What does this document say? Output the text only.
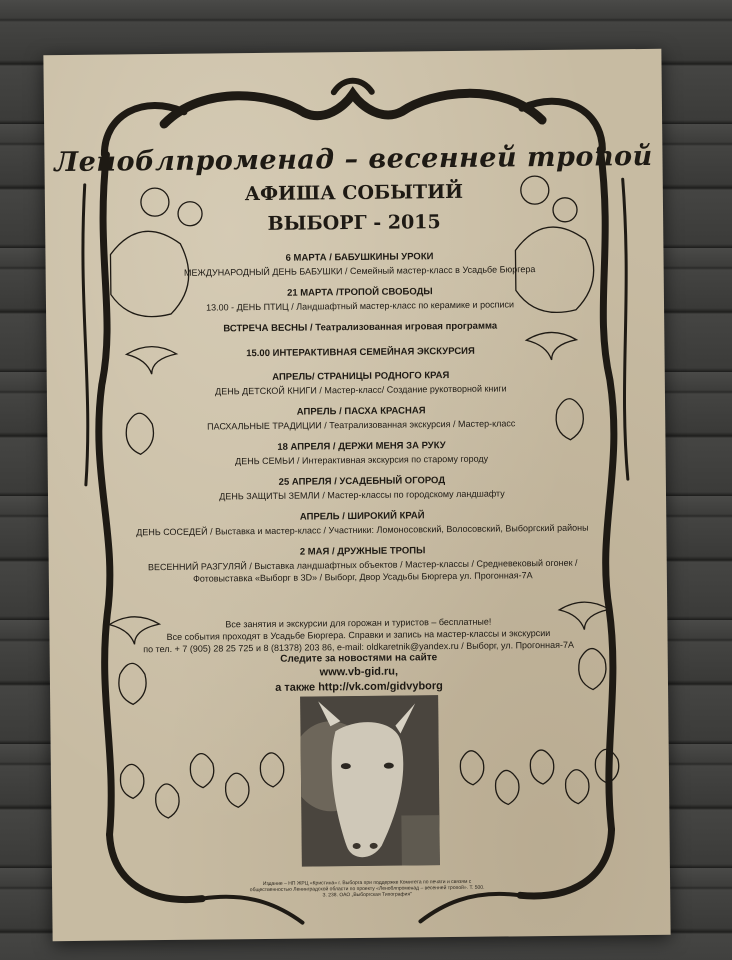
Леноблпроменад – весенней тропой
АФИША СОБЫТИЙ
ВЫБОРГ - 2015
6 МАРТА / БАБУШКИНЫ УРОКИ
МЕЖДУНАРОДНЫЙ ДЕНЬ БАБУШКИ / Семейный мастер-класс в Усадьбе Бюргера
21 МАРТА /ТРОПОЙ СВОБОДЫ
13.00 - ДЕНЬ ПТИЦ / Ландшафтный мастер-класс по керамике и росписи
ВСТРЕЧА ВЕСНЫ / Театрализованная игровая программа
15.00 ИНТЕРАКТИВНАЯ СЕМЕЙНАЯ ЭКСКУРСИЯ
АПРЕЛЬ/ СТРАНИЦЫ РОДНОГО КРАЯ
ДЕНЬ ДЕТСКОЙ КНИГИ / Мастер-класс/ Создание рукотворной книги
АПРЕЛЬ / ПАСХА КРАСНАЯ
ПАСХАЛЬНЫЕ ТРАДИЦИИ / Театрализованная экскурсия / Мастер-класс
18 АПРЕЛЯ / ДЕРЖИ МЕНЯ ЗА РУКУ
ДЕНЬ СЕМЬИ / Интерактивная экскурсия по старому городу
25 АПРЕЛЯ / УСАДЕБНЫЙ ОГОРОД
ДЕНЬ ЗАЩИТЫ ЗЕМЛИ / Мастер-классы по городскому ландшафту
АПРЕЛЬ / ШИРОКИЙ КРАЙ
ДЕНЬ СОСЕДЕЙ / Выставка и мастер-класс / Участники: Ломоносовский, Волосовский, Выборгский районы
2 МАЯ / ДРУЖНЫЕ ТРОПЫ
ВЕСЕННИЙ РАЗГУЛЯЙ / Выставка ландшафтных объектов / Мастер-классы / Средневековый огонек / Фотовыставка «Выборг в 3D» / Выборг, Двор Усадьбы Бюргера ул. Прогонная-7А
Все занятия и экскурсии для горожан и туристов – бесплатные!
Все события проходят в Усадьбе Бюргера. Справки и запись на мастер-классы и экскурсии
по тел. + 7 (905) 28 25 725 и 8 (81378) 203 86, e-mail: oldkaretnik@yandex.ru / Выборг, ул. Прогонная-7А
Следите за новостями на сайте
www.vb-gid.ru,
а также http://vk.com/gidvyborg
Издание – НП ЖРЦ «Кристина» г. Выборга при поддержке Комитета по печати и связям с общественностью Ленинградской области по проекту «Леноблпроменад – весенней тропой». Т. 500. З. 238. ОАО „Выборгская Типография"
